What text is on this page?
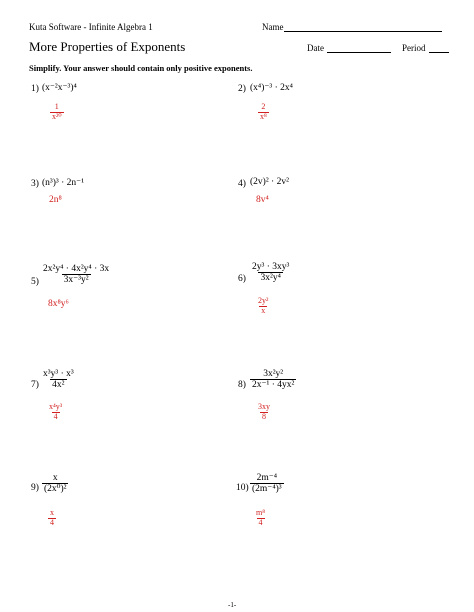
Kuta Software - Infinite Algebra 1	Name
More Properties of Exponents	Date	Period
Simplify. Your answer should contain only positive exponents.
1) (x⁻²x⁻³)⁴
$\frac{1}{\text{x²⁰}}$
2) (x⁴)⁻³ · 2x⁴
$\frac{2}{\text{x⁸}}$
3) (n³)³ · 2n⁻¹
2n⁸
4) (2v)² · 2v²
8v⁴
$5) \frac{\text{2x²y⁴ · 4x²y⁴ · 3x}}{\text{3x⁻³y²}}$
8x⁸y⁶
$6) \frac{\text{2y³ · 3xy³}}{\text{3x²y⁴}}$
$\frac{\text{2y²}}{x}$
$7) \frac{\text{x³y³ · x³}}{\text{4x²}}$
$\frac{\text{x⁴y³}}{4}$
$8) \frac{\text{3x²y²}}{\text{2x⁻¹ · 4yx²}}$
$\frac{3xy}{8}$
$9) \frac{x}{\text{(2x⁰)²}}$
$\frac{x}{4}$
$10) \frac{\text{2m⁻⁴}}{\text{(2m⁻⁴)³}}$
$\frac{\text{m⁸}}{4}$
-1-
